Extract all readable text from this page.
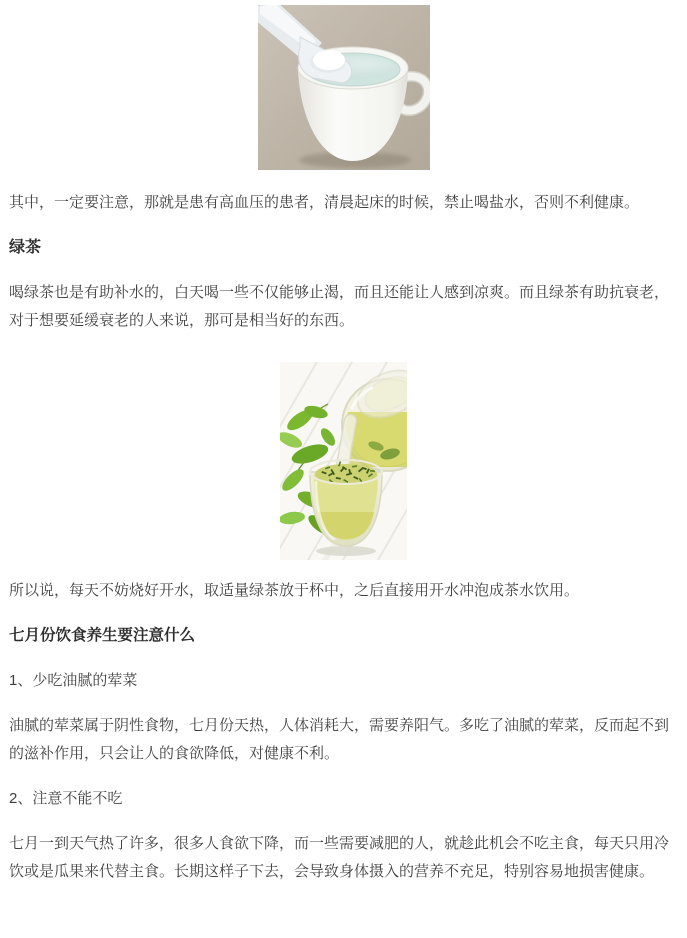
其中，一定要注意，那就是患有高血压的患者，清晨起床的时候，禁止喝盐水，否则不利健康。

绿茶

喝绿茶也是有助补水的，白天喝一些不仅能够止渴，而且还能让人感到凉爽。而且绿茶有助抗衰老，对于想要延缓衰老的人来说，那可是相当好的东西。

所以说，每天不妨烧好开水，取适量绿茶放于杯中，之后直接用开水冲泡成茶水饮用。

七月份饮食养生要注意什么

1、少吃油腻的荤菜

油腻的荤菜属于阴性食物，七月份天热，人体消耗大，需要养阳气。多吃了油腻的荤菜，反而起不到的滋补作用，只会让人的食欲降低，对健康不利。

2、注意不能不吃

七月一到天气热了许多，很多人食欲下降，而一些需要减肥的人，就趁此机会不吃主食，每天只用冷饮或是瓜果来代替主食。长期这样子下去，会导致身体摄入的营养不充足，特别容易地损害健康。
